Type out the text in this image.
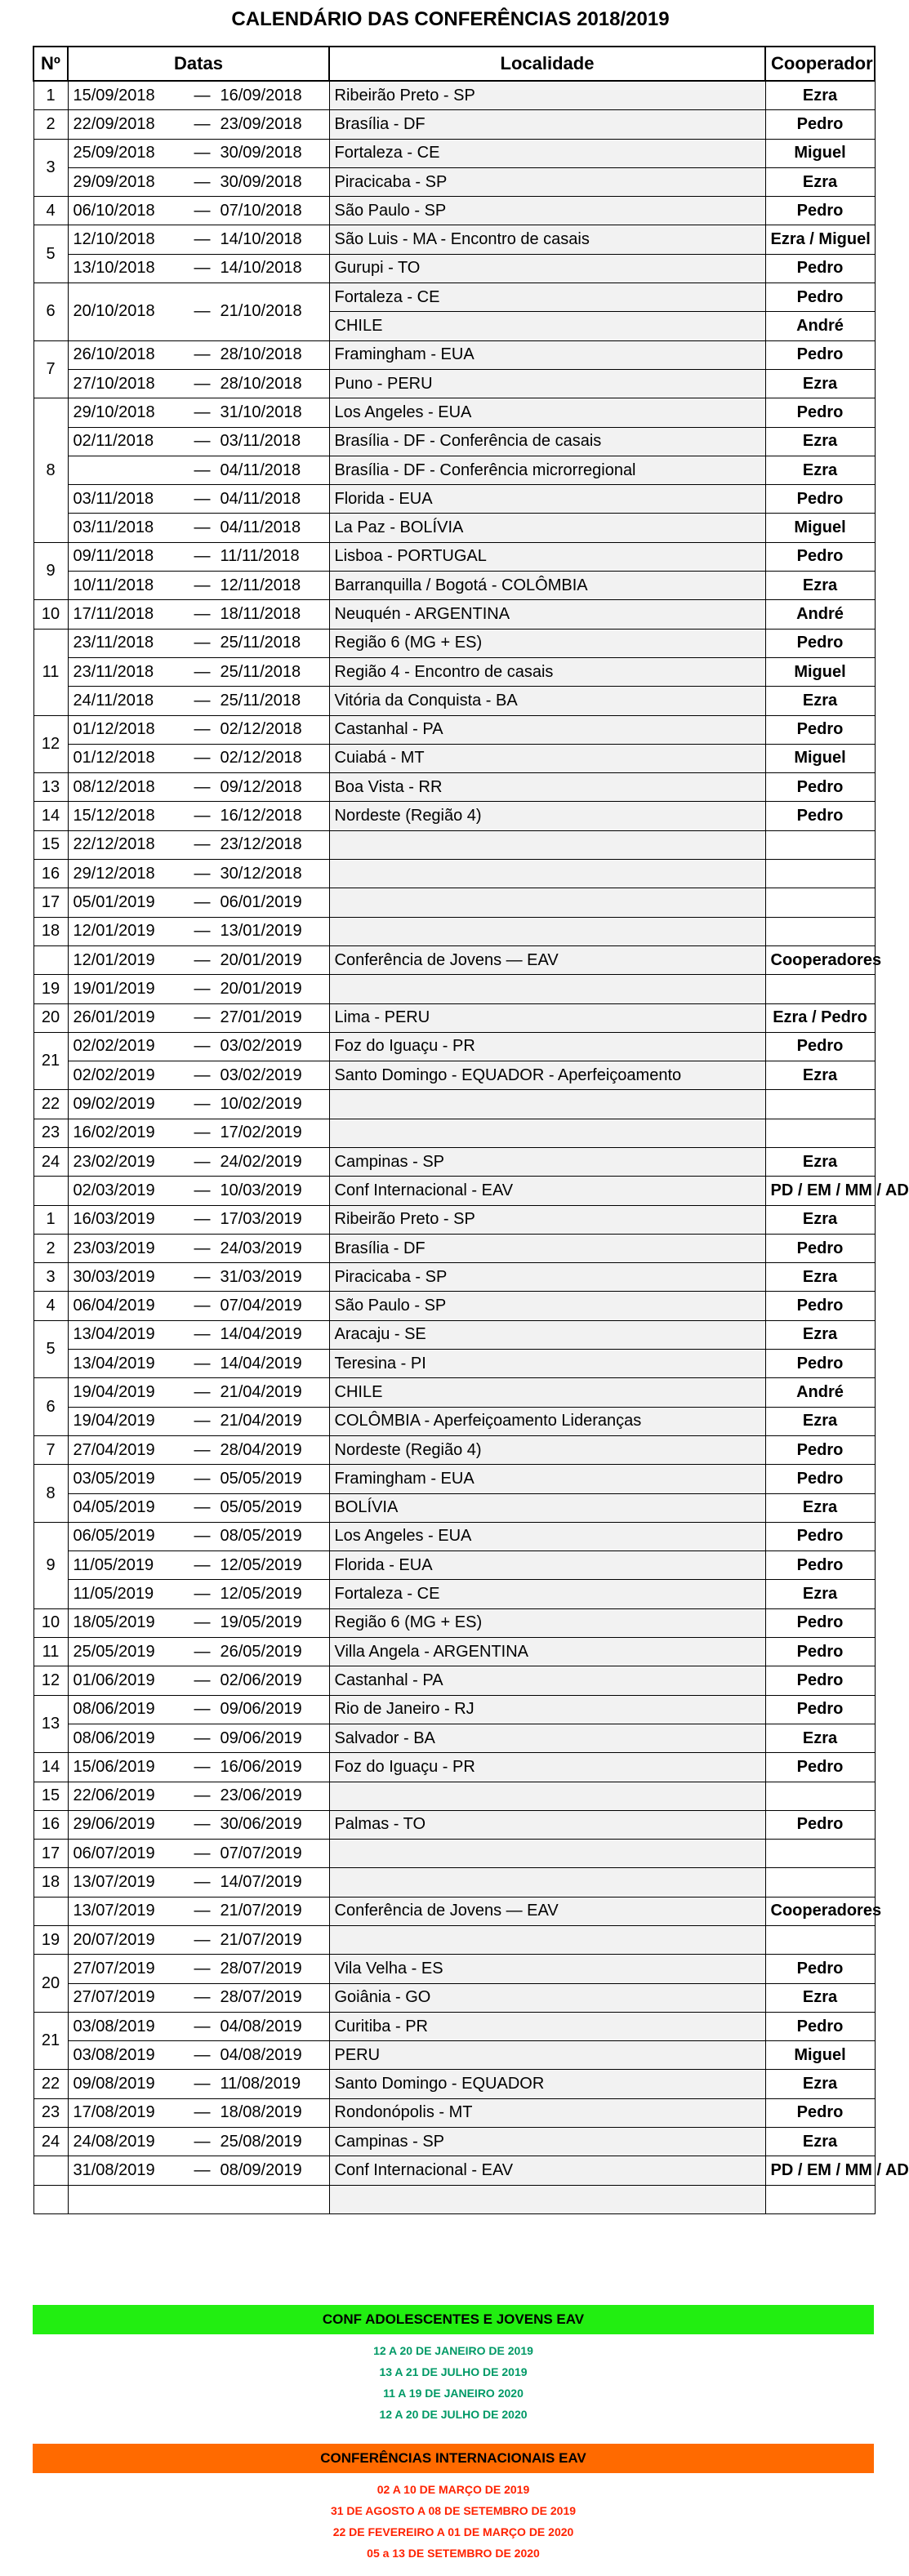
CALENDÁRIO DAS CONFERÊNCIAS 2018/2019
Nº	Datas	Localidade	Cooperador
1	15/09/2018 — 16/09/2018	Ribeirão Preto - SP	Ezra
2	22/09/2018 — 23/09/2018	Brasília - DF	Pedro
3	25/09/2018 — 30/09/2018	Fortaleza - CE	Miguel
	29/09/2018 — 30/09/2018	Piracicaba - SP	Ezra
4	06/10/2018 — 07/10/2018	São Paulo - SP	Pedro
5	12/10/2018 — 14/10/2018	São Luis - MA - Encontro de casais	Ezra / Miguel
	13/10/2018 — 14/10/2018	Gurupi - TO	Pedro
6	20/10/2018 — 21/10/2018	Fortaleza - CE	Pedro
		CHILE	André
7	26/10/2018 — 28/10/2018	Framingham - EUA	Pedro
	27/10/2018 — 28/10/2018	Puno - PERU	Ezra
8	29/10/2018 — 31/10/2018	Los Angeles - EUA	Pedro
	02/11/2018 — 03/11/2018	Brasília - DF - Conferência de casais	Ezra
	— 04/11/2018	Brasília - DF - Conferência microrregional	Ezra
	03/11/2018 — 04/11/2018	Florida - EUA	Pedro
	03/11/2018 — 04/11/2018	La Paz - BOLÍVIA	Miguel
9	09/11/2018 — 11/11/2018	Lisboa - PORTUGAL	Pedro
	10/11/2018 — 12/11/2018	Barranquilla / Bogotá - COLÔMBIA	Ezra
10	17/11/2018 — 18/11/2018	Neuquén - ARGENTINA	André
11	23/11/2018 — 25/11/2018	Região 6 (MG + ES)	Pedro
	23/11/2018 — 25/11/2018	Região 4 - Encontro de casais	Miguel
	24/11/2018 — 25/11/2018	Vitória da Conquista - BA	Ezra
12	01/12/2018 — 02/12/2018	Castanhal - PA	Pedro
	01/12/2018 — 02/12/2018	Cuiabá - MT	Miguel
13	08/12/2018 — 09/12/2018	Boa Vista - RR	Pedro
14	15/12/2018 — 16/12/2018	Nordeste (Região 4)	Pedro
15	22/12/2018 — 23/12/2018		
16	29/12/2018 — 30/12/2018		
17	05/01/2019 — 06/01/2019		
18	12/01/2019 — 13/01/2019		
	12/01/2019 — 20/01/2019	Conferência de Jovens — EAV	Cooperadores
19	19/01/2019 — 20/01/2019		
20	26/01/2019 — 27/01/2019	Lima - PERU	Ezra / Pedro
21	02/02/2019 — 03/02/2019	Foz do Iguaçu - PR	Pedro
	02/02/2019 — 03/02/2019	Santo Domingo - EQUADOR - Aperfeiçoamento	Ezra
22	09/02/2019 — 10/02/2019		
23	16/02/2019 — 17/02/2019		
24	23/02/2019 — 24/02/2019	Campinas - SP	Ezra
	02/03/2019 — 10/03/2019	Conf Internacional - EAV	PD / EM / MM / AD
1	16/03/2019 — 17/03/2019	Ribeirão Preto - SP	Ezra
2	23/03/2019 — 24/03/2019	Brasília - DF	Pedro
3	30/03/2019 — 31/03/2019	Piracicaba - SP	Ezra
4	06/04/2019 — 07/04/2019	São Paulo - SP	Pedro
5	13/04/2019 — 14/04/2019	Aracaju - SE	Ezra
	13/04/2019 — 14/04/2019	Teresina - PI	Pedro
6	19/04/2019 — 21/04/2019	CHILE	André
	19/04/2019 — 21/04/2019	COLÔMBIA - Aperfeiçoamento Lideranças	Ezra
7	27/04/2019 — 28/04/2019	Nordeste (Região 4)	Pedro
8	03/05/2019 — 05/05/2019	Framingham - EUA	Pedro
	04/05/2019 — 05/05/2019	BOLÍVIA	Ezra
9	06/05/2019 — 08/05/2019	Los Angeles - EUA	Pedro
	11/05/2019 — 12/05/2019	Florida - EUA	Pedro
	11/05/2019 — 12/05/2019	Fortaleza - CE	Ezra
10	18/05/2019 — 19/05/2019	Região 6 (MG + ES)	Pedro
11	25/05/2019 — 26/05/2019	Villa Angela - ARGENTINA	Pedro
12	01/06/2019 — 02/06/2019	Castanhal - PA	Pedro
13	08/06/2019 — 09/06/2019	Rio de Janeiro - RJ	Pedro
	08/06/2019 — 09/06/2019	Salvador - BA	Ezra
14	15/06/2019 — 16/06/2019	Foz do Iguaçu - PR	Pedro
15	22/06/2019 — 23/06/2019		
16	29/06/2019 — 30/06/2019	Palmas - TO	Pedro
17	06/07/2019 — 07/07/2019		
18	13/07/2019 — 14/07/2019		
	13/07/2019 — 21/07/2019	Conferência de Jovens — EAV	Cooperadores
19	20/07/2019 — 21/07/2019		
20	27/07/2019 — 28/07/2019	Vila Velha - ES	Pedro
	27/07/2019 — 28/07/2019	Goiânia - GO	Ezra
21	03/08/2019 — 04/08/2019	Curitiba - PR	Pedro
	03/08/2019 — 04/08/2019	PERU	Miguel
22	09/08/2019 — 11/08/2019	Santo Domingo - EQUADOR	Ezra
23	17/08/2019 — 18/08/2019	Rondonópolis - MT	Pedro
24	24/08/2019 — 25/08/2019	Campinas - SP	Ezra
	31/08/2019 — 08/09/2019	Conf Internacional - EAV	PD / EM / MM / AD

CONF ADOLESCENTES E JOVENS EAV
12 A 20 DE JANEIRO DE 2019
13 A 21 DE JULHO DE 2019
11 A 19 DE JANEIRO 2020
12 A 20 DE JULHO DE 2020
CONFERÊNCIAS INTERNACIONAIS EAV
02 A 10 DE MARÇO DE 2019
31 DE AGOSTO A 08 DE SETEMBRO DE 2019
22 DE FEVEREIRO A 01 DE MARÇO DE 2020
05 a 13 DE SETEMBRO DE 2020
